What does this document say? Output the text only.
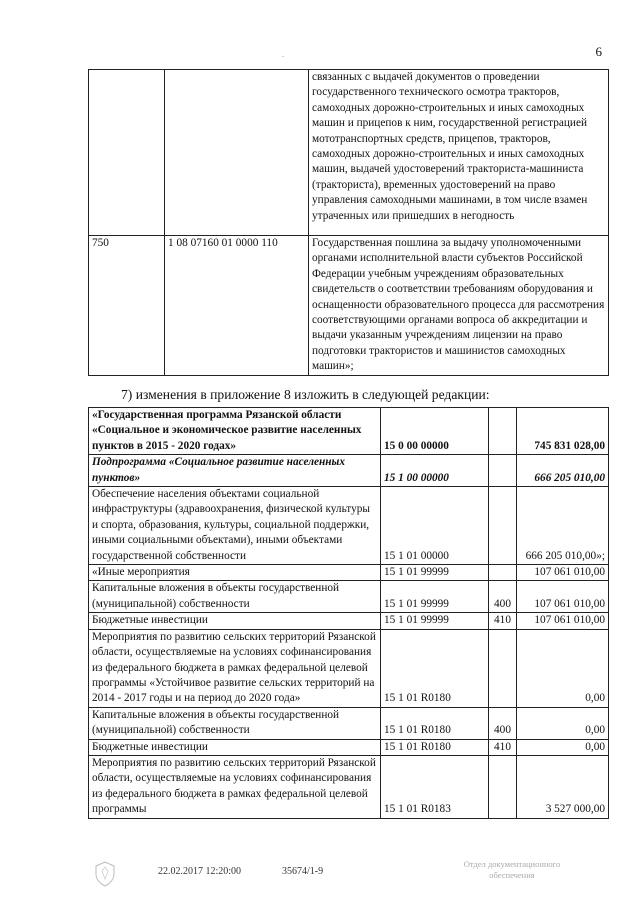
6
.
		связанных с выдачей документов о проведении государственного технического осмотра тракторов, самоходных дорожно-строительных и иных самоходных машин и прицепов к ним, государственной регистрацией мототранспортных средств, прицепов, тракторов, самоходных дорожно-строительных и иных самоходных машин, выдачей удостоверений тракториста-машиниста (тракториста), временных удостоверений на право управления самоходными машинами, в том числе взамен утраченных или пришедших в негодность
750	1 08 07160 01 0000 110	Государственная пошлина за выдачу уполномоченными органами исполнительной власти субъектов Российской Федерации учебным учреждениям образовательных свидетельств о соответствии требованиям оборудования и оснащенности образовательного процесса для рассмотрения соответствующими органами вопроса об аккредитации и выдачи указанным учреждениям лицензии на право подготовки трактористов и машинистов самоходных машин»;
7) изменения в приложение 8 изложить в следующей редакции:
«Государственная программа Рязанской области «Социальное и экономическое развитие населенных пунктов в 2015 - 2020 годах»	15 0 00 00000		745 831 028,00
Подпрограмма «Социальное развитие населенных пунктов»	15 1 00 00000		666 205 010,00
Обеспечение населения объектами социальной инфраструктуры (здравоохранения, физической культуры и спорта, образования, культуры, социальной поддержки, иными социальными объектами), иными объектами государственной собственности	15 1 01 00000		666 205 010,00»;
«Иные мероприятия	15 1 01 99999		107 061 010,00
Капитальные вложения в объекты государственной (муниципальной) собственности	15 1 01 99999	400	107 061 010,00
Бюджетные инвестиции	15 1 01 99999	410	107 061 010,00
Мероприятия по развитию сельских территорий Рязанской области, осуществляемые на условиях софинансирования из федерального бюджета в рамках федеральной целевой программы «Устойчивое развитие сельских территорий на 2014 - 2017 годы и на период до 2020 года»	15 1 01 R0180		0,00
Капитальные вложения в объекты государственной (муниципальной) собственности	15 1 01 R0180	400	0,00
Бюджетные инвестиции	15 1 01 R0180	410	0,00
Мероприятия по развитию сельских территорий Рязанской области, осуществляемые на условиях софинансирования из федерального бюджета в рамках федеральной целевой программы	15 1 01 R0183		3 527 000,00
22.02.2017 12:20:00	35674/1-9
Отдел документационного обеспечения
